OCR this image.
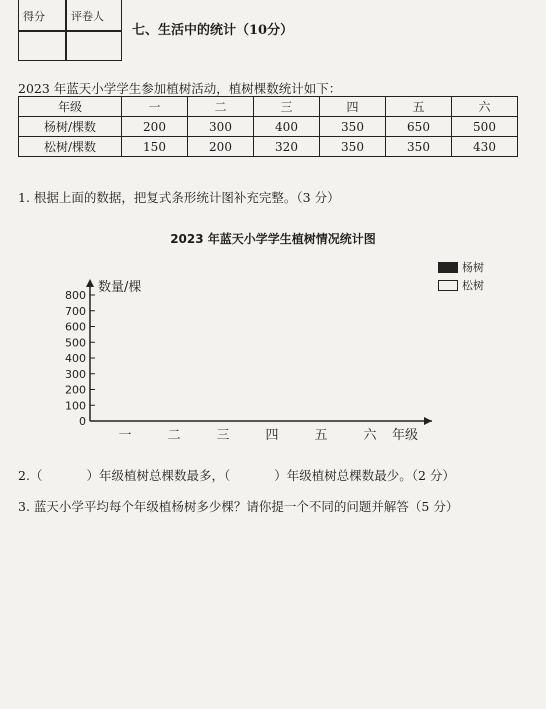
得分 评卷人
七、生活中的统计（10分）
2023 年蓝天小学学生参加植树活动，植树棵数统计如下：
年级	一	二	三	四	五	六
杨树/棵数	200	300	400	350	650	500
松树/棵数	150	200	320	350	350	430
1. 根据上面的数据，把复式条形统计图补充完整。（3 分）
2023 年蓝天小学学生植树情况统计图
杨树
松树
0
100
200
300
400
500
600
700
800
数量/棵
一	二	三	四	五	六 年级
2.（	）年级植树总棵数最多，（	）年级植树总棵数最少。（2 分）
3. 蓝天小学平均每个年级植杨树多少棵？请你提一个不同的问题并解答（5 分）
